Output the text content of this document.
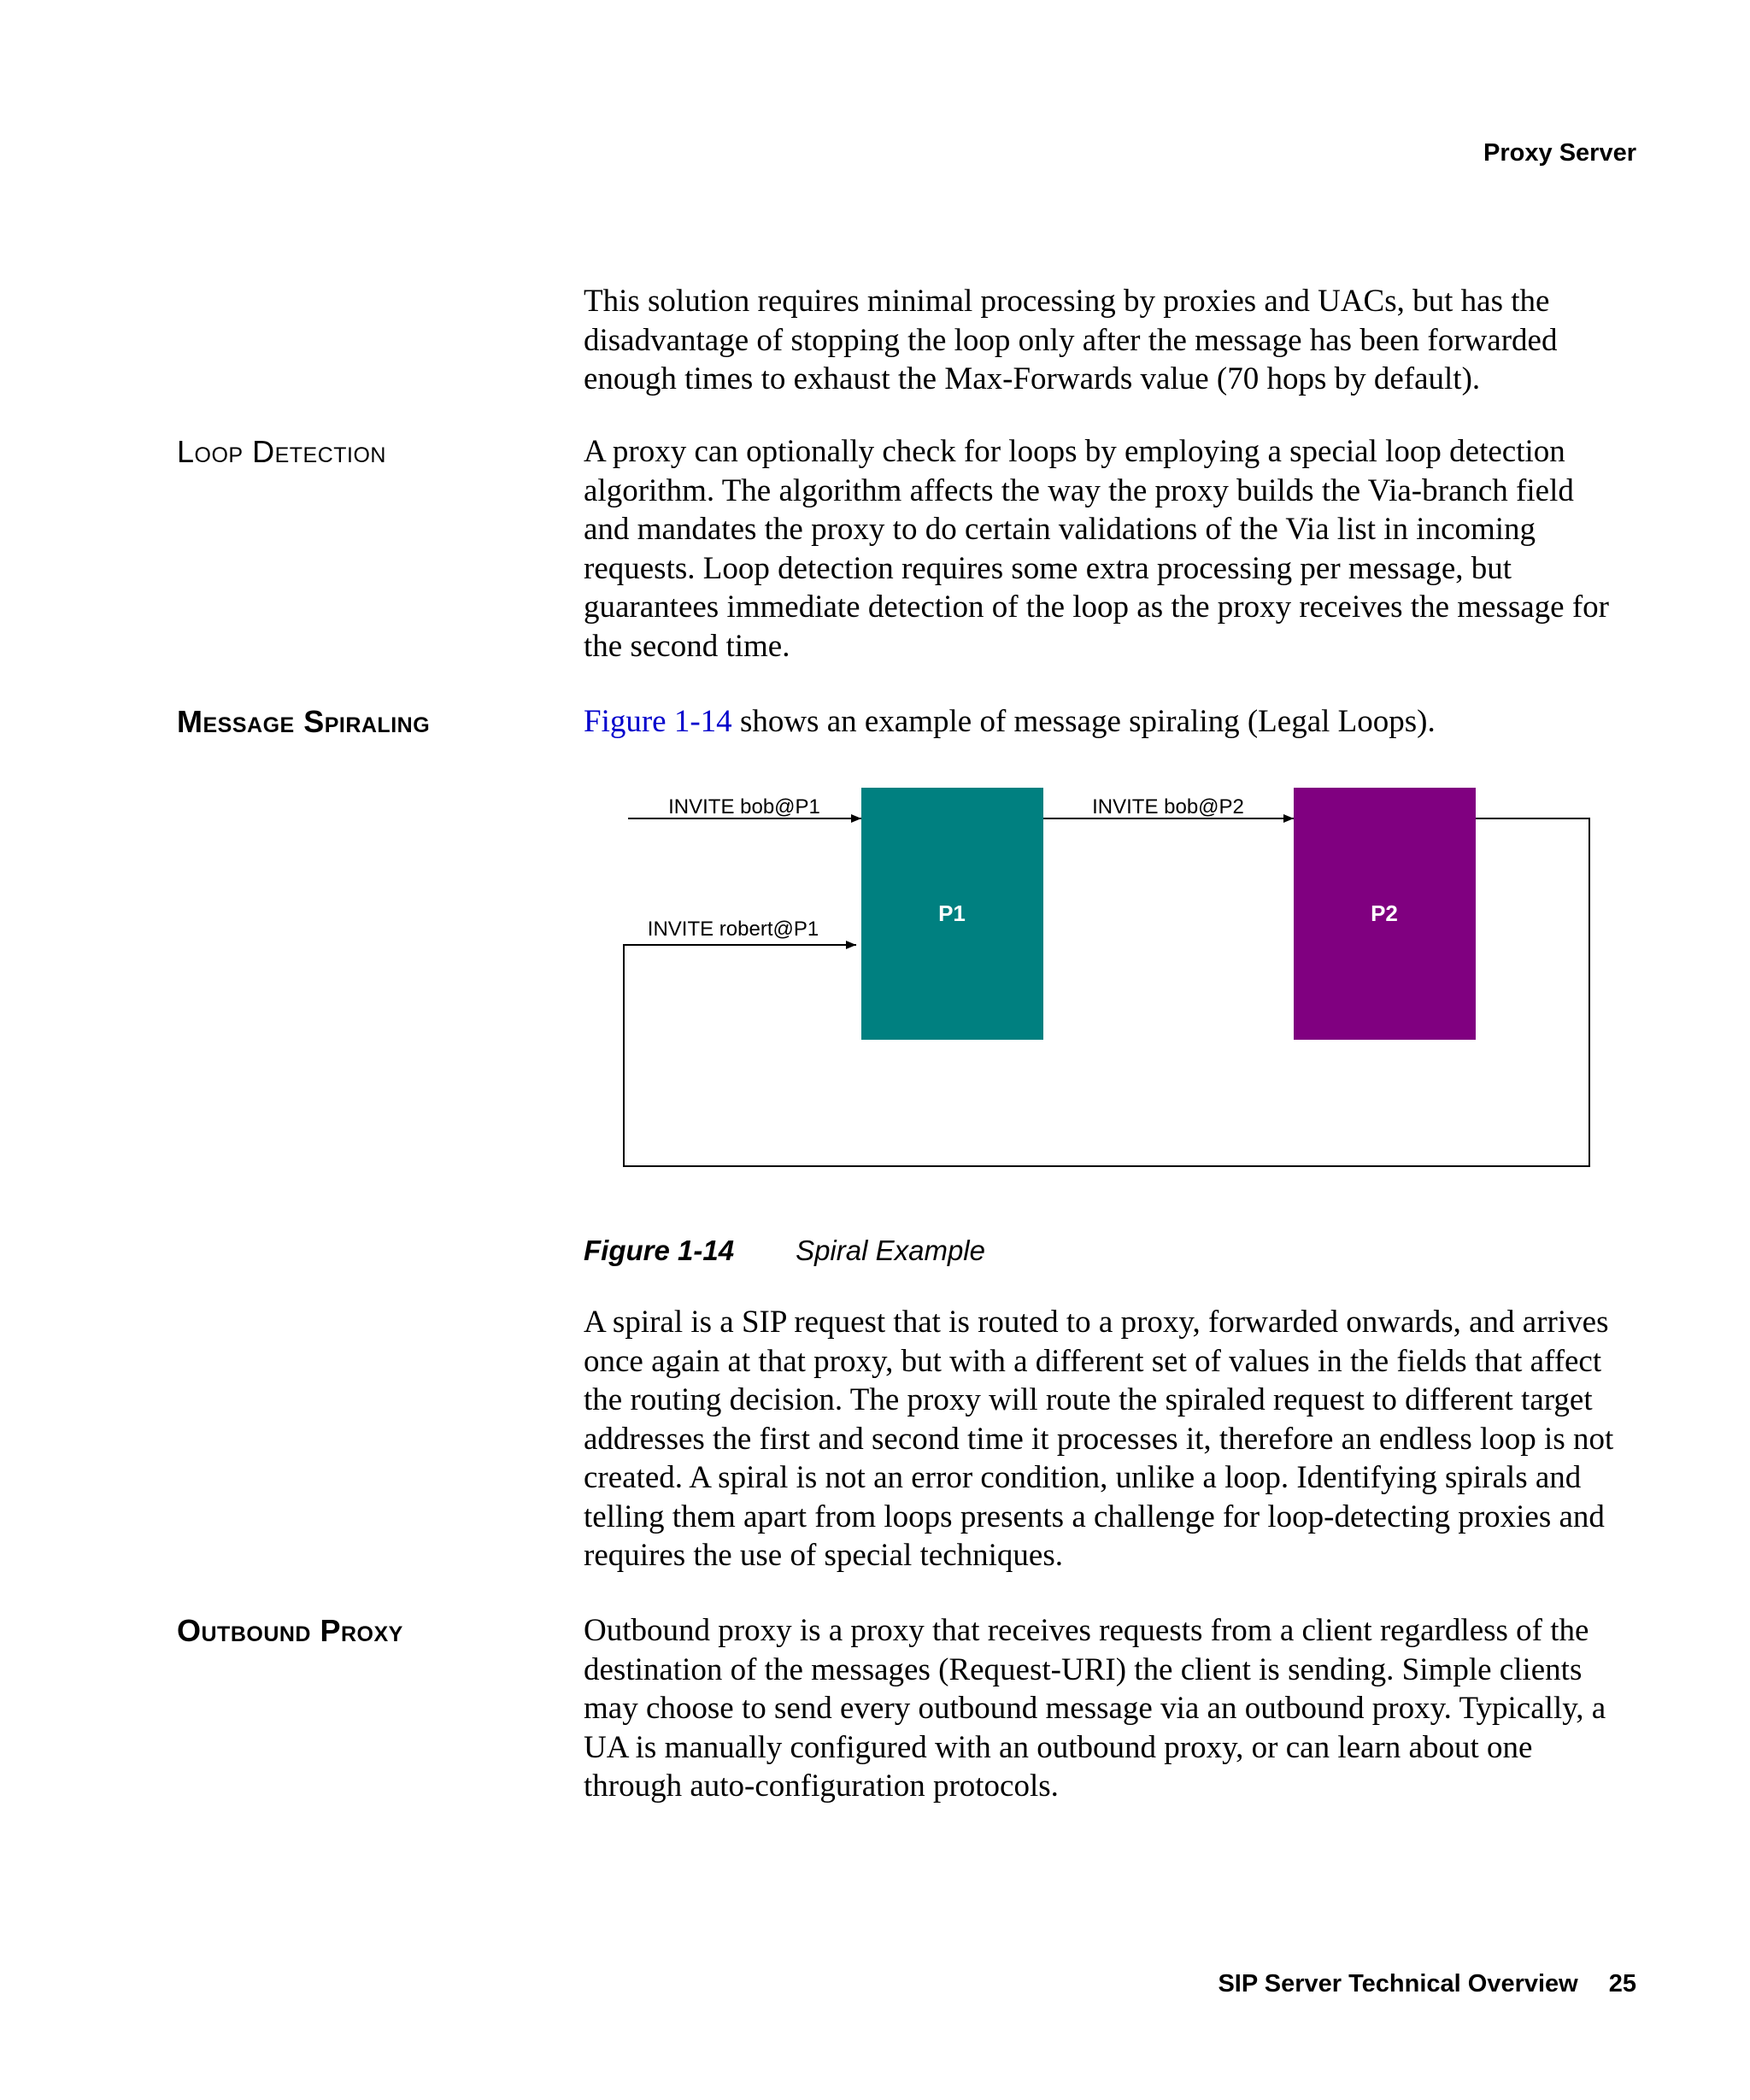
Proxy Server

This solution requires minimal processing by proxies and UACs, but has the disadvantage of stopping the loop only after the message has been forwarded enough times to exhaust the Max-Forwards value (70 hops by default).

Loop Detection	A proxy can optionally check for loops by employing a special loop detection algorithm. The algorithm affects the way the proxy builds the Via-branch field and mandates the proxy to do certain validations of the Via list in incoming requests. Loop detection requires some extra processing per message, but guarantees immediate detection of the loop as the proxy receives the message for the second time.

Message Spiraling	Figure 1-14 shows an example of message spiraling (Legal Loops).

P1	P2
INVITE bob@P1	INVITE bob@P2
INVITE robert@P1
Figure 1-14 Spiral Example

A spiral is a SIP request that is routed to a proxy, forwarded onwards, and arrives once again at that proxy, but with a different set of values in the fields that affect the routing decision. The proxy will route the spiraled request to different target addresses the first and second time it processes it, therefore an endless loop is not created. A spiral is not an error condition, unlike a loop. Identifying spirals and telling them apart from loops presents a challenge for loop-detecting proxies and requires the use of special techniques.

Outbound Proxy	Outbound proxy is a proxy that receives requests from a client regardless of the destination of the messages (Request-URI) the client is sending. Simple clients may choose to send every outbound message via an outbound proxy. Typically, a UA is manually configured with an outbound proxy, or can learn about one through auto-configuration protocols.

SIP Server Technical Overview 25
